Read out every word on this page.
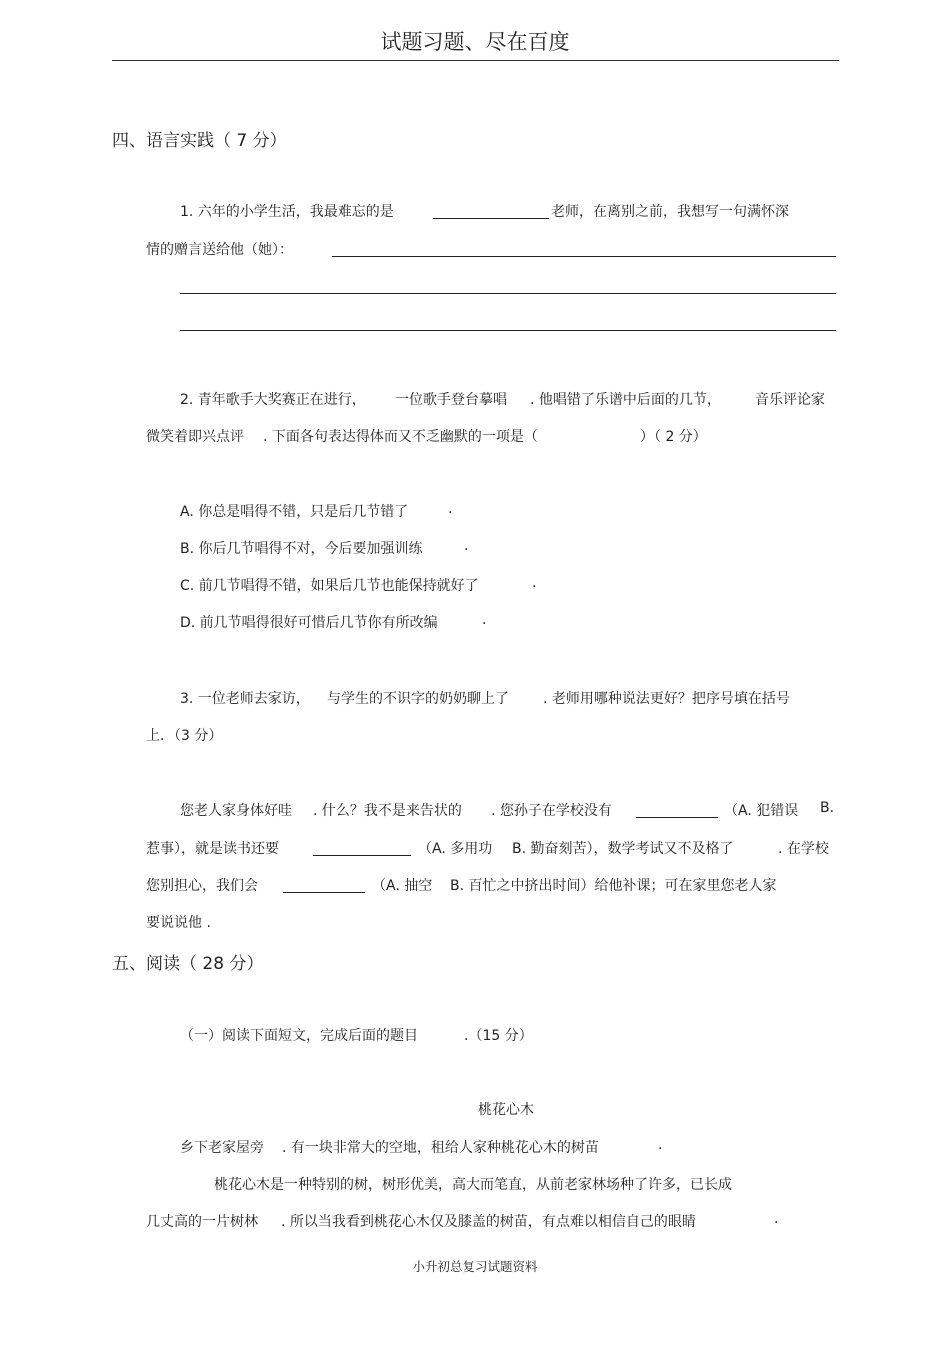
试题习题、尽在百度
四、语言实践（ 7 分）
1. 六年的小学生活，我最难忘的是	老师，在离别之前，我想写一句满怀深
情的赠言送给他（她）：
2. 青年歌手大奖赛正在进行， 一位歌手登台摹唱 . 他唱错了乐谱中后面的几节， 音乐评论家
微笑着即兴点评 . 下面各句表达得体而又不乏幽默的一项是（	）（ 2 分）
A. 你总是唱得不错，只是后几节错了	.
B. 你后几节唱得不对，今后要加强训练	.
C. 前几节唱得不错，如果后几节也能保持就好了	.
D. 前几节唱得很好可惜后几节你有所改编	.
3. 一位老师去家访， 与学生的不识字的奶奶聊上了 . 老师用哪种说法更好？把序号填在括号
上．（3 分）
您老人家身体好哇 . 什么？我不是来告状的 . 您孙子在学校没有	（A. 犯错误 B.
惹事），就是读书还要	（A. 多用功 B. 勤奋刻苦），数学考试又不及格了	. 在学校
您别担心，我们会	（A. 抽空 B. 百忙之中挤出时间）给他补课；可在家里您老人家
要说说他 .
五、阅读（ 28 分）
（一）阅读下面短文，完成后面的题目	.（15 分）
桃花心木
乡下老家屋旁 . 有一块非常大的空地，租给人家种桃花心木的树苗	.
桃花心木是一种特别的树，树形优美，高大而笔直，从前老家林场种了许多，已长成
几丈高的一片树林 . 所以当我看到桃花心木仅及膝盖的树苗，有点难以相信自己的眼睛	.
小升初总复习试题资料
